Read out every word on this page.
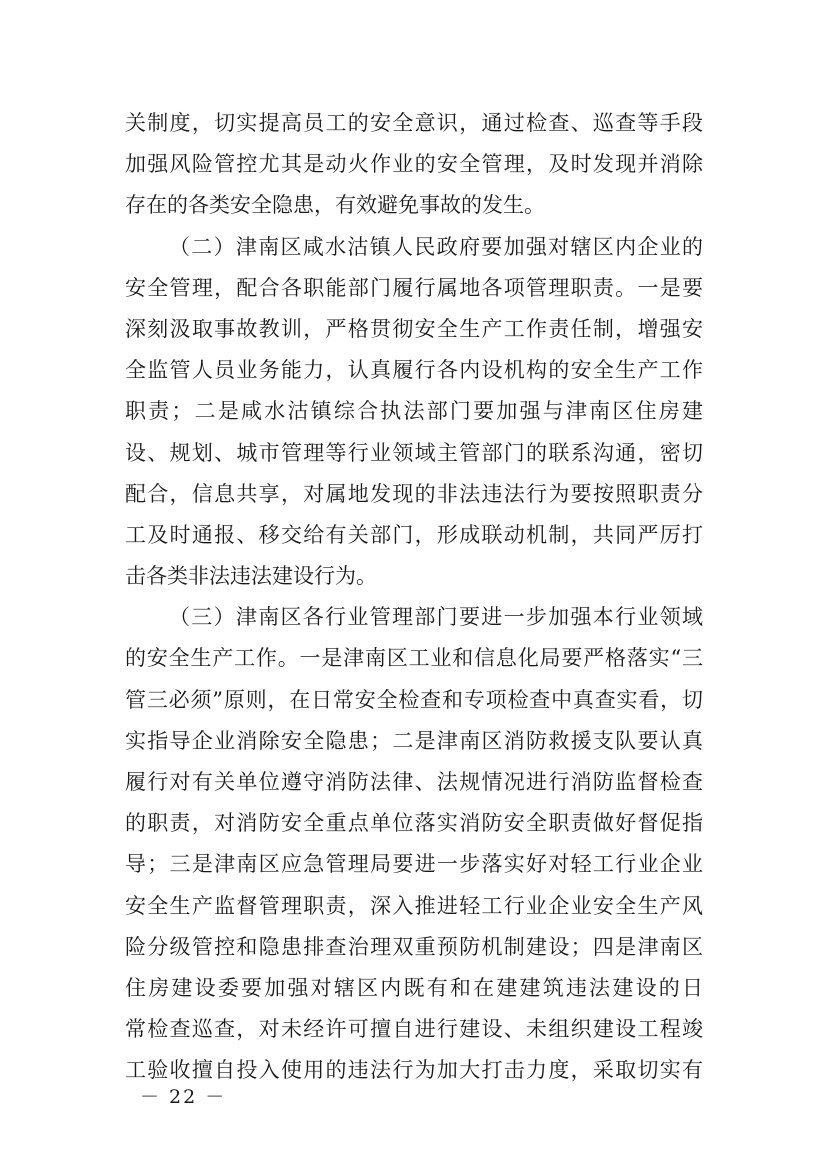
关制度，切实提高员工的安全意识，通过检查、巡查等手段
加强风险管控尤其是动火作业的安全管理，及时发现并消除
存在的各类安全隐患，有效避免事故的发生。
（二）津南区咸水沽镇人民政府要加强对辖区内企业的
安全管理，配合各职能部门履行属地各项管理职责。一是要
深刻汲取事故教训，严格贯彻安全生产工作责任制，增强安
全监管人员业务能力，认真履行各内设机构的安全生产工作
职责；二是咸水沽镇综合执法部门要加强与津南区住房建
设、规划、城市管理等行业领域主管部门的联系沟通，密切
配合，信息共享，对属地发现的非法违法行为要按照职责分
工及时通报、移交给有关部门，形成联动机制，共同严厉打
击各类非法违法建设行为。
（三）津南区各行业管理部门要进一步加强本行业领域
的安全生产工作。一是津南区工业和信息化局要严格落实“三
管三必须”原则，在日常安全检查和专项检查中真查实看，切
实指导企业消除安全隐患；二是津南区消防救援支队要认真
履行对有关单位遵守消防法律、法规情况进行消防监督检查
的职责，对消防安全重点单位落实消防安全职责做好督促指
导；三是津南区应急管理局要进一步落实好对轻工行业企业
安全生产监督管理职责，深入推进轻工行业企业安全生产风
险分级管控和隐患排查治理双重预防机制建设；四是津南区
住房建设委要加强对辖区内既有和在建建筑违法建设的日
常检查巡查，对未经许可擅自进行建设、未组织建设工程竣
工验收擅自投入使用的违法行为加大打击力度，采取切实有
－ 22 －
